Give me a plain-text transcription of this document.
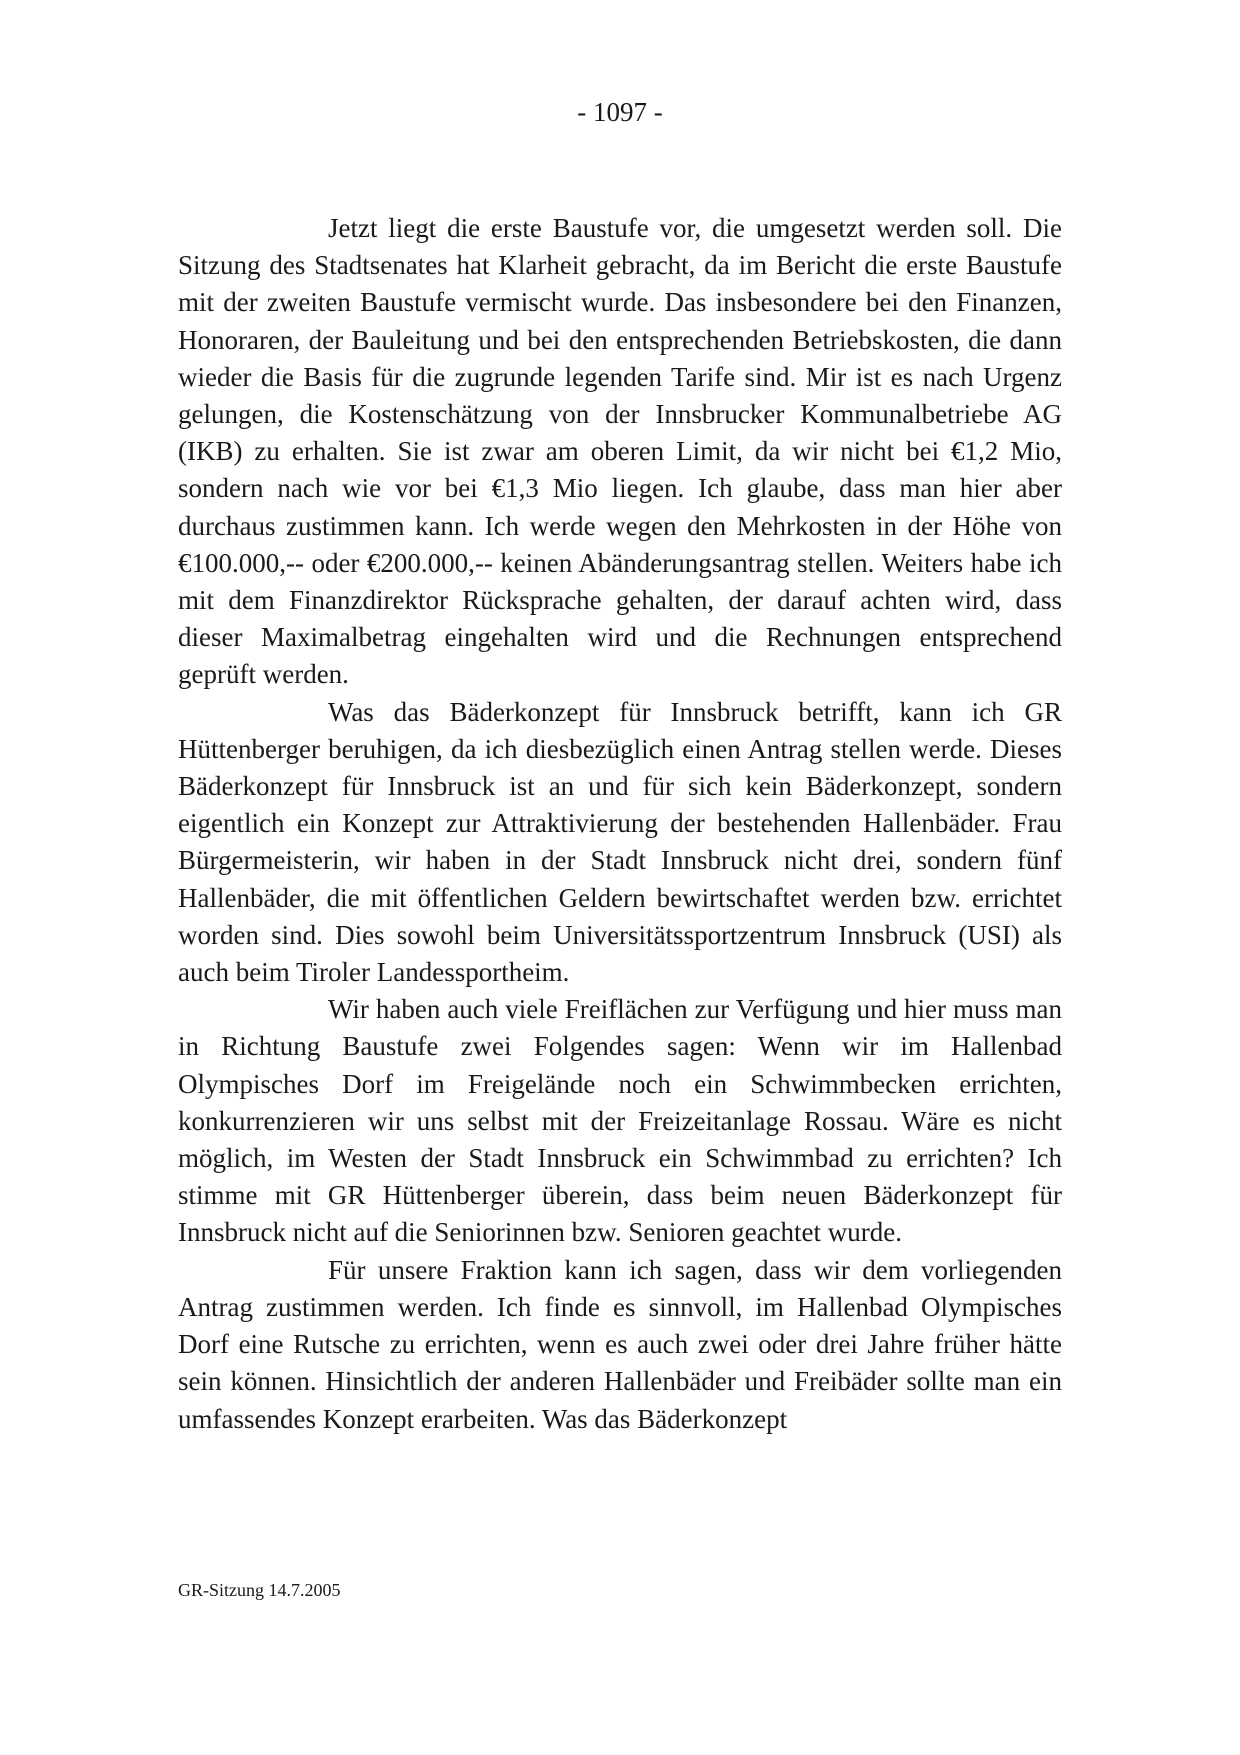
- 1097 -

Jetzt liegt die erste Baustufe vor, die umgesetzt werden soll. Die Sitzung des Stadtsenates hat Klarheit gebracht, da im Bericht die erste Baustufe mit der zweiten Baustufe vermischt wurde. Das insbesondere bei den Finanzen, Honoraren, der Bauleitung und bei den entsprechenden Betriebskosten, die dann wieder die Basis für die zugrunde legenden Tarife sind. Mir ist es nach Urgenz gelungen, die Kostenschätzung von der Innsbrucker Kommunalbetriebe AG (IKB) zu erhalten. Sie ist zwar am oberen Limit, da wir nicht bei €1,2 Mio, sondern nach wie vor bei €1,3 Mio liegen. Ich glaube, dass man hier aber durchaus zustimmen kann. Ich werde wegen den Mehrkosten in der Höhe von €100.000,-- oder €200.000,-- keinen Abänderungsantrag stellen. Weiters habe ich mit dem Finanzdirektor Rücksprache gehalten, der darauf achten wird, dass dieser Maximalbetrag eingehalten wird und die Rechnungen entsprechend geprüft werden.

Was das Bäderkonzept für Innsbruck betrifft, kann ich GR Hüttenberger beruhigen, da ich diesbezüglich einen Antrag stellen werde. Dieses Bäderkonzept für Innsbruck ist an und für sich kein Bäderkonzept, sondern eigentlich ein Konzept zur Attraktivierung der bestehenden Hallenbäder. Frau Bürgermeisterin, wir haben in der Stadt Innsbruck nicht drei, sondern fünf Hallenbäder, die mit öffentlichen Geldern bewirtschaftet werden bzw. errichtet worden sind. Dies sowohl beim Universitätssportzentrum Innsbruck (USI) als auch beim Tiroler Landessportheim.

Wir haben auch viele Freiflächen zur Verfügung und hier muss man in Richtung Baustufe zwei Folgendes sagen: Wenn wir im Hallenbad Olympisches Dorf im Freigelände noch ein Schwimmbecken errichten, konkurrenzieren wir uns selbst mit der Freizeitanlage Rossau. Wäre es nicht möglich, im Westen der Stadt Innsbruck ein Schwimmbad zu errichten? Ich stimme mit GR Hüttenberger überein, dass beim neuen Bäderkonzept für Innsbruck nicht auf die Seniorinnen bzw. Senioren geachtet wurde.

Für unsere Fraktion kann ich sagen, dass wir dem vorliegenden Antrag zustimmen werden. Ich finde es sinnvoll, im Hallenbad Olympisches Dorf eine Rutsche zu errichten, wenn es auch zwei oder drei Jahre früher hätte sein können. Hinsichtlich der anderen Hallenbäder und Freibäder sollte man ein umfassendes Konzept erarbeiten. Was das Bäderkonzept

GR-Sitzung 14.7.2005
